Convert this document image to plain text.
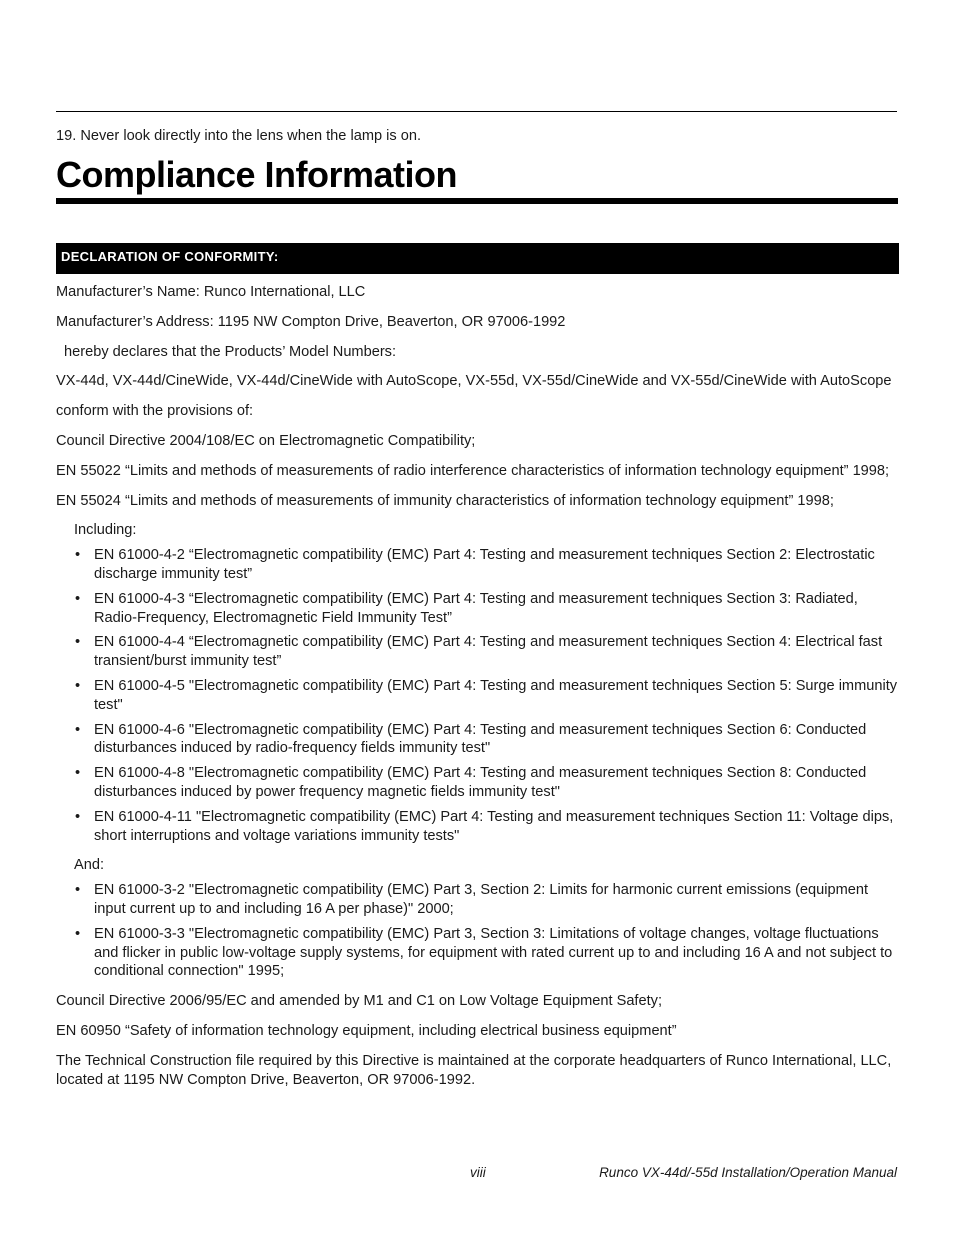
19. Never look directly into the lens when the lamp is on.
Compliance Information
DECLARATION OF CONFORMITY:

Manufacturer’s Name: Runco International, LLC

Manufacturer’s Address: 1195 NW Compton Drive, Beaverton, OR 97006-1992

hereby declares that the Products’ Model Numbers:

VX-44d, VX-44d/CineWide, VX-44d/CineWide with AutoScope, VX-55d, VX-55d/CineWide and VX-55d/CineWide with AutoScope

conform with the provisions of:

Council Directive 2004/108/EC on Electromagnetic Compatibility;

EN 55022 “Limits and methods of measurements of radio interference characteristics of information technology equipment” 1998;

EN 55024 “Limits and methods of measurements of immunity characteristics of information technology equipment” 1998;

Including:

• EN 61000-4-2 “Electromagnetic compatibility (EMC) Part 4: Testing and measurement techniques Section 2: Electrostatic discharge immunity test”
• EN 61000-4-3 “Electromagnetic compatibility (EMC) Part 4: Testing and measurement techniques Section 3: Radiated, Radio-Frequency, Electromagnetic Field Immunity Test”
• EN 61000-4-4 “Electromagnetic compatibility (EMC) Part 4: Testing and measurement techniques Section 4: Electrical fast transient/burst immunity test”
• EN 61000-4-5 "Electromagnetic compatibility (EMC) Part 4: Testing and measurement techniques Section 5: Surge immunity test"
• EN 61000-4-6 "Electromagnetic compatibility (EMC) Part 4: Testing and measurement techniques Section 6: Conducted disturbances induced by radio-frequency fields immunity test"
• EN 61000-4-8 "Electromagnetic compatibility (EMC) Part 4: Testing and measurement techniques Section 8: Conducted disturbances induced by power frequency magnetic fields immunity test"
• EN 61000-4-11 "Electromagnetic compatibility (EMC) Part 4: Testing and measurement techniques Section 11: Voltage dips, short interruptions and voltage variations immunity tests"

And:

• EN 61000-3-2 "Electromagnetic compatibility (EMC) Part 3, Section 2: Limits for harmonic current emissions (equipment input current up to and including 16 A per phase)" 2000;
• EN 61000-3-3 "Electromagnetic compatibility (EMC) Part 3, Section 3: Limitations of voltage changes, voltage fluctuations and flicker in public low-voltage supply systems, for equipment with rated current up to and including 16 A and not subject to conditional connection" 1995;

Council Directive 2006/95/EC and amended by M1 and C1 on Low Voltage Equipment Safety;

EN 60950 “Safety of information technology equipment, including electrical business equipment”

The Technical Construction file required by this Directive is maintained at the corporate headquarters of Runco International, LLC, located at 1195 NW Compton Drive, Beaverton, OR 97006-1992.

viii	Runco VX-44d/-55d Installation/Operation Manual
